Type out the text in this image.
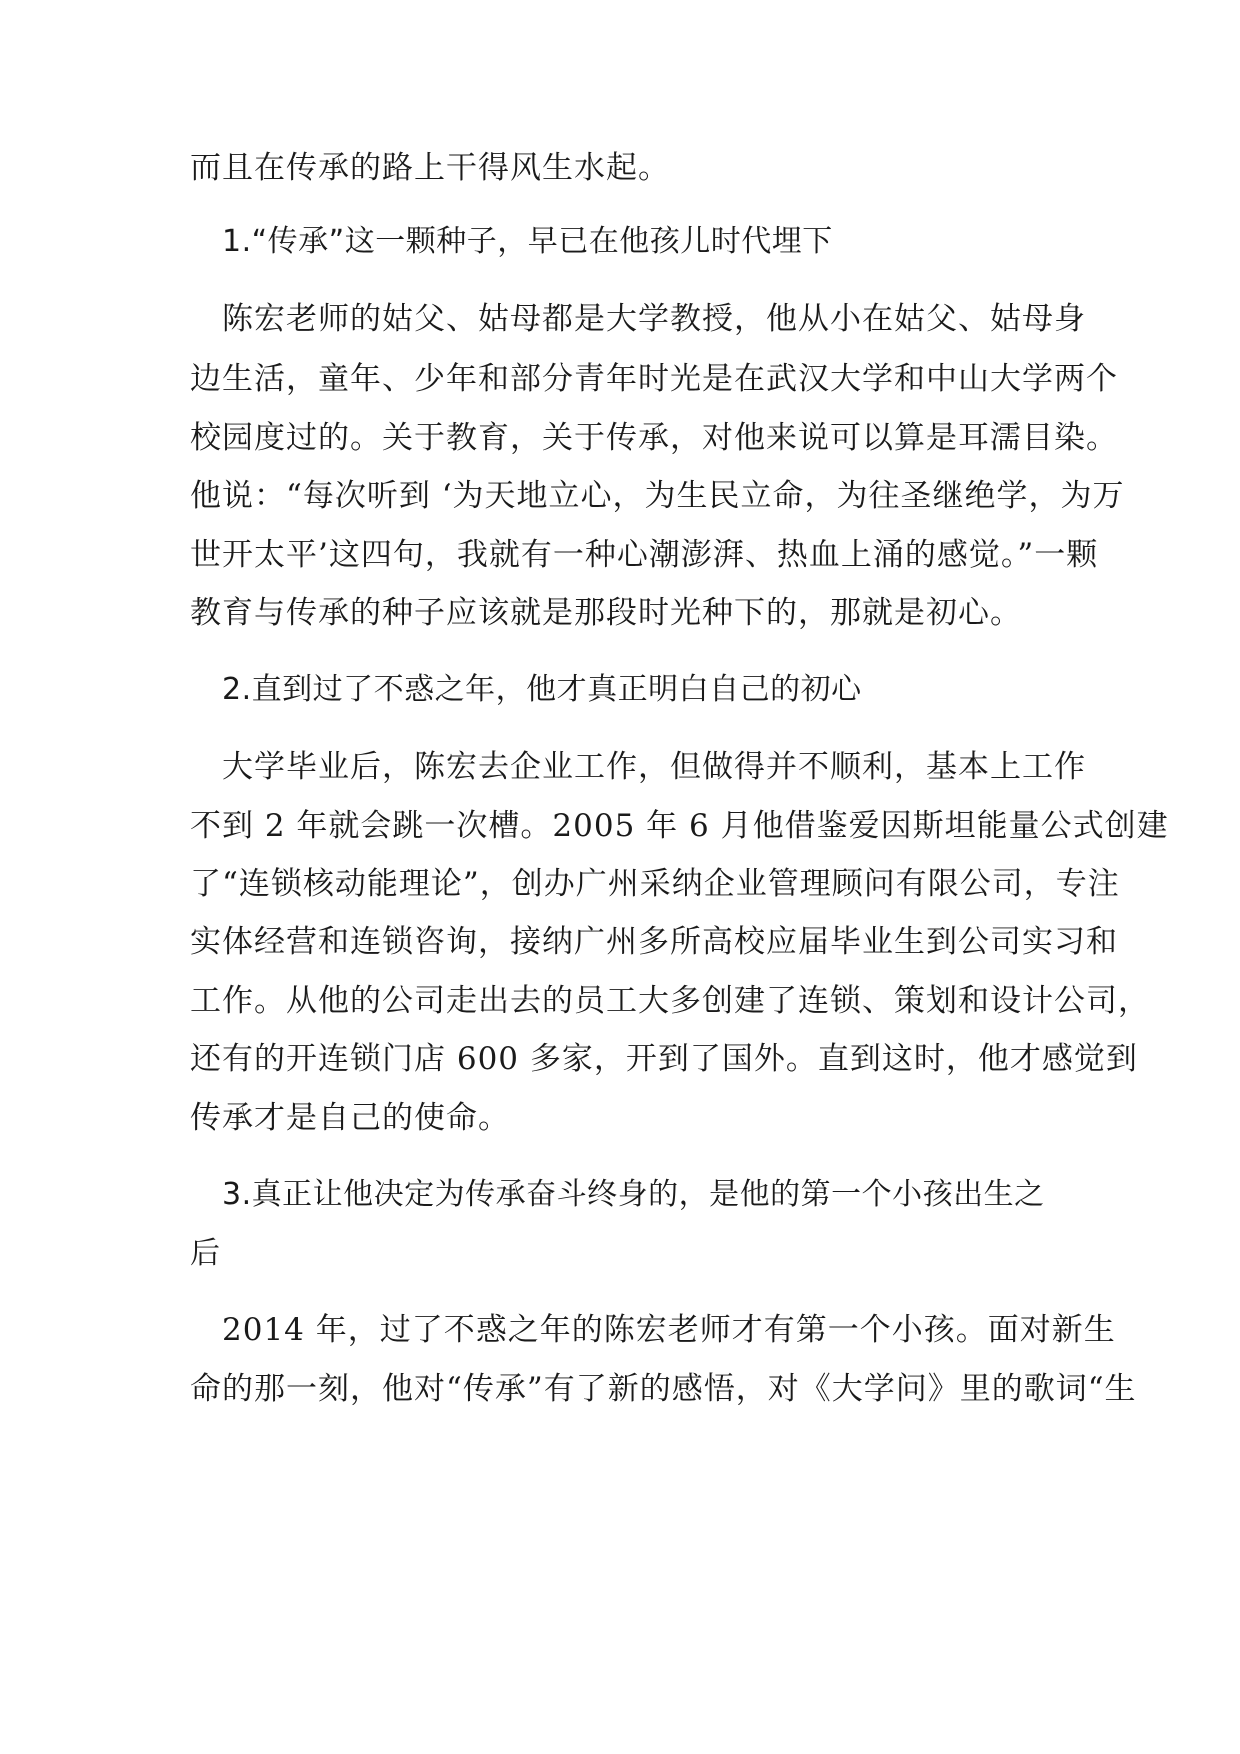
而且在传承的路上干得风生水起。
1.“传承”这一颗种子，早已在他孩儿时代埋下
陈宏老师的姑父、姑母都是大学教授，他从小在姑父、姑母身
边生活，童年、少年和部分青年时光是在武汉大学和中山大学两个
校园度过的。关于教育，关于传承，对他来说可以算是耳濡目染。
他说：“每次听到 ‘为天地立心，为生民立命，为往圣继绝学，为万
世开太平’这四句，我就有一种心潮澎湃、热血上涌的感觉。”一颗
教育与传承的种子应该就是那段时光种下的，那就是初心。
2.直到过了不惑之年，他才真正明白自己的初心
大学毕业后，陈宏去企业工作，但做得并不顺利，基本上工作
不到 2 年就会跳一次槽。2005 年 6 月他借鉴爱因斯坦能量公式创建
了“连锁核动能理论”，创办广州采纳企业管理顾问有限公司，专注
实体经营和连锁咨询，接纳广州多所高校应届毕业生到公司实习和
工作。从他的公司走出去的员工大多创建了连锁、策划和设计公司，
还有的开连锁门店 600 多家，开到了国外。直到这时，他才感觉到
传承才是自己的使命。
3.真正让他决定为传承奋斗终身的，是他的第一个小孩出生之
后
2014 年，过了不惑之年的陈宏老师才有第一个小孩。面对新生
命的那一刻，他对“传承”有了新的感悟，对《大学问》里的歌词“生
